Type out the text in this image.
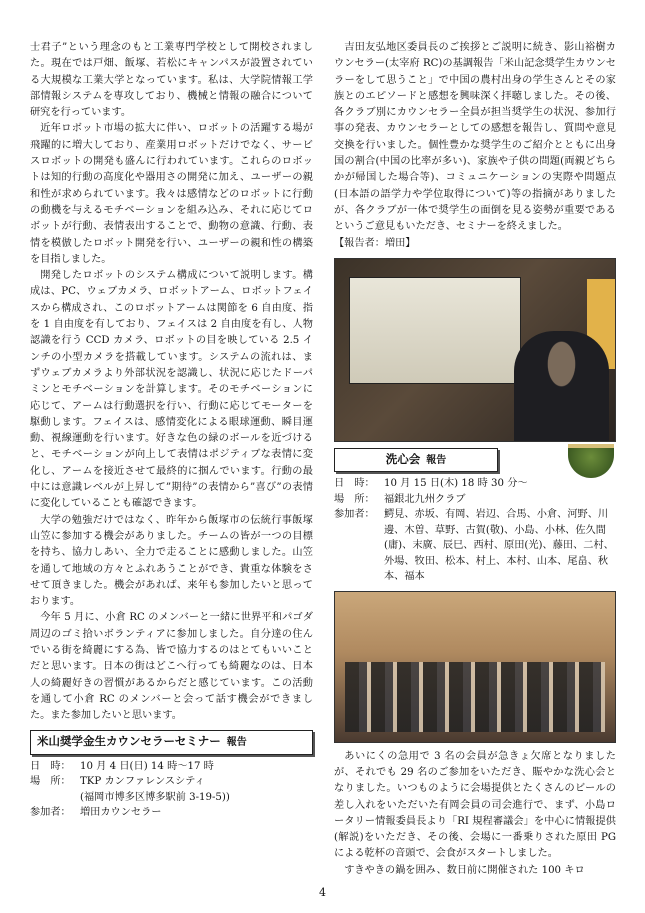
士君子”という理念のもと工業専門学校として開校されました。現在では戸畑、飯塚、若松にキャンパスが設置されている大規模な工業大学となっています。私は、大学院情報工学部情報システムを専攻しており、機械と情報の融合について研究を行っています。

近年ロボット市場の拡大に伴い、ロボットの活躍する場が飛躍的に増大しており、産業用ロボットだけでなく、サービスロボットの開発も盛んに行われています。これらのロボットは知的行動の高度化や器用さの開発に加え、ユーザーの親和性が求められています。我々は感情などのロボットに行動の動機を与えるモチベーションを組み込み、それに応じてロボットが行動、表情表出することで、動物の意識、行動、表情を模倣したロボット開発を行い、ユーザーの親和性の構築を目指しました。

開発したロボットのシステム構成について説明します。構成は、PC、ウェブカメラ、ロボットアーム、ロボットフェイスから構成され、このロボットアームは関節を 6 自由度、指を 1 自由度を有しており、フェイスは 2 自由度を有し、人物認識を行う CCD カメラ、ロボットの目を映している 2.5 インチの小型カメラを搭載しています。システムの流れは、まずウェブカメラより外部状況を認識し、状況に応じたドーパミンとモチベーションを計算します。そのモチベーションに応じて、アームは行動選択を行い、行動に応じてモーターを駆動します。フェイスは、感情変化による眼球運動、瞬目運動、視線運動を行います。好きな色の緑のボールを近づけると、モチベーションが向上して表情はポジティブな表情に変化し、アームを接近させて最終的に掴んでいます。行動の最中には意識レベルが上昇して”期待”の表情から”喜び”の表情に変化していることも確認できます。

大学の勉強だけではなく、昨年から飯塚市の伝統行事飯塚山笠に参加する機会がありました。チームの皆が一つの目標を持ち、協力しあい、全力で走ることに感動しました。山笠を通して地域の方々とふれあうことができ、貴重な体験をさせて頂きました。機会があれば、来年も参加したいと思っております。

今年 5 月に、小倉 RC のメンバーと一緒に世界平和パゴダ周辺のゴミ拾いボランティアに参加しました。自分達の住んでいる街を綺麗にする為、皆で協力するのはとてもいいことだと思います。日本の街はどこへ行っても綺麗なのは、日本人の綺麗好きの習慣があるからだと感じています。この活動を通して小倉 RC のメンバーと会って話す機会ができました。また参加したいと思います。

米山奨学金生カウンセラーセミナー 報告
日　時： 10 月 4 日(日) 14 時～17 時
場　所： TKP カンファレンスシティ
(福岡市博多区博多駅前 3-19-5))
参加者： 増田カウンセラー

吉田友弘地区委員長のご挨拶とご説明に続き、影山裕樹カウンセラー(太宰府 RC)の基調報告「米山記念奨学生カウンセラーをして思うこと」で中国の農村出身の学生さんとその家族とのエピソードと感想を興味深く拝聴しました。その後、各クラブ別にカウンセラー全員が担当奨学生の状況、参加行事の発表、カウンセラーとしての感想を報告し、質問や意見交換を行いました。個性豊かな奨学生のご紹介とともに出身国の割合(中国の比率が多い)、家族や子供の問題(両親どちらかが帰国した場合等)、コミュニケーションの実際や問題点(日本語の語学力や学位取得について)等の指摘がありましたが、各クラブが一体で奨学生の面倒を見る姿勢が重要であるというご意見もいただき、セミナーを終えました。

【報告者：増田】

洗心会 報告
日　時： 10 月 15 日(木) 18 時 30 分～
場　所： 福銀北九州クラブ
参加者： 鰐見、赤坂、有岡、岩辺、合馬、小倉、河野、川邊、木曽、草野、古賀(敬)、小島、小林、佐久間(庸)、末廣、辰巳、西村、原田(光)、藤田、二村、外場、牧田、松本、村上、本村、山本、尾畠、秋本、福本

あいにくの急用で 3 名の会員が急きょ欠席となりましたが、それでも 29 名のご参加をいただき、賑やかな洗心会となりました。いつものように会場提供とたくさんのビールの差し入れをいただいた有岡会員の司会進行で、まず、小島ロータリー情報委員長より「RI 規程審議会」を中心に情報提供(解説)をいただき、その後、会場に一番乗りされた原田 PG による乾杯の音頭で、会食がスタートしました。

すきやきの鍋を囲み、数日前に開催された 100 キロ

4
